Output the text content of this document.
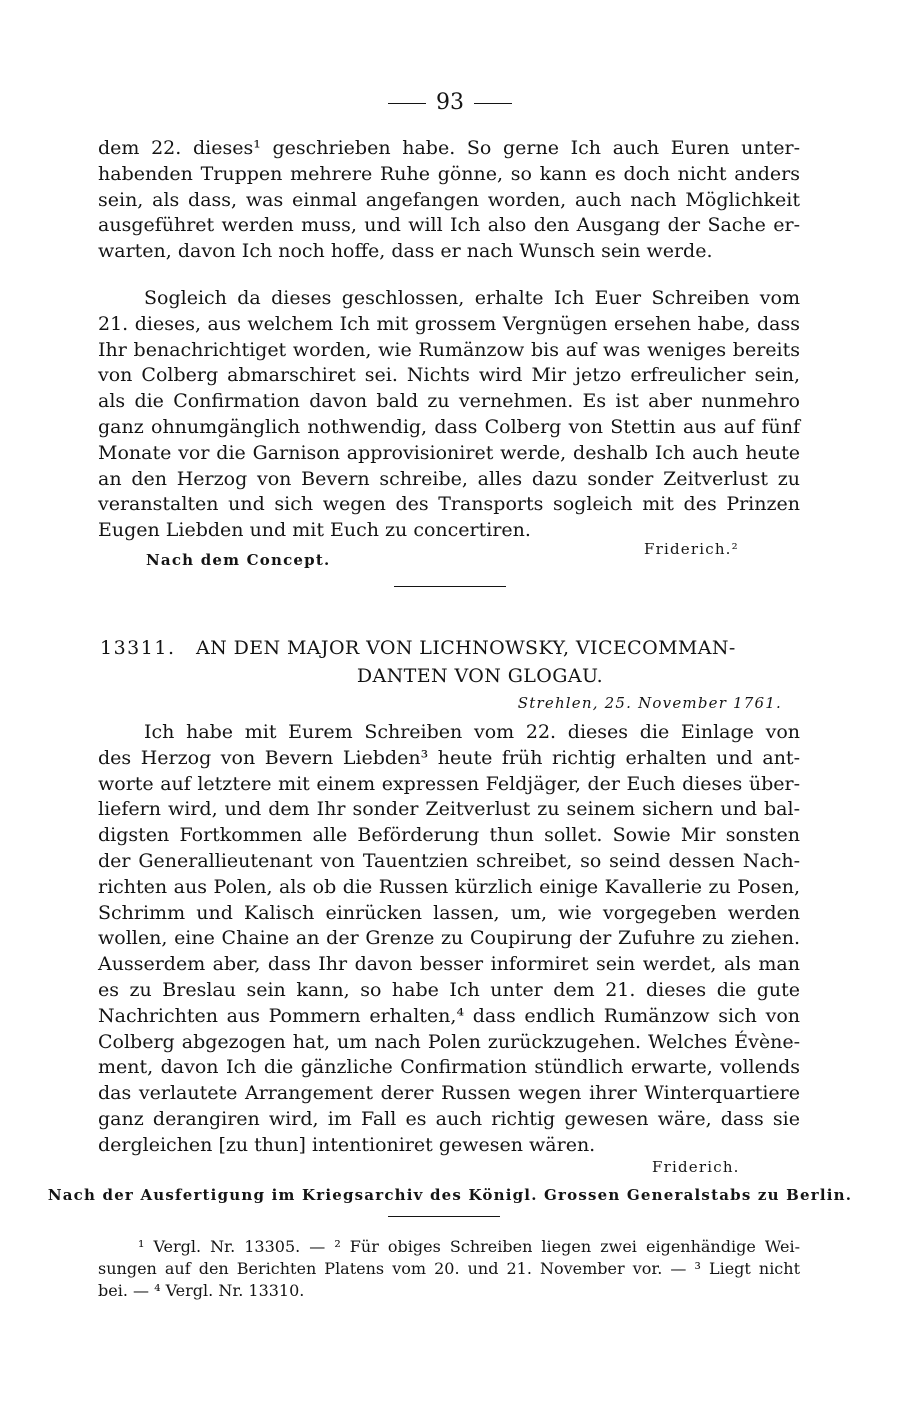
93
dem 22. dieses¹ geschrieben habe. So gerne Ich auch Euren unter-
habenden Truppen mehrere Ruhe gönne, so kann es doch nicht anders
sein, als dass, was einmal angefangen worden, auch nach Möglichkeit
ausgeführet werden muss, und will Ich also den Ausgang der Sache er-
warten, davon Ich noch hoffe, dass er nach Wunsch sein werde.
Sogleich da dieses geschlossen, erhalte Ich Euer Schreiben vom
21. dieses, aus welchem Ich mit grossem Vergnügen ersehen habe, dass
Ihr benachrichtiget worden, wie Rumänzow bis auf was weniges bereits
von Colberg abmarschiret sei. Nichts wird Mir jetzo erfreulicher sein,
als die Confirmation davon bald zu vernehmen. Es ist aber nunmehro
ganz ohnumgänglich nothwendig, dass Colberg von Stettin aus auf fünf
Monate vor die Garnison approvisioniret werde, deshalb Ich auch heute
an den Herzog von Bevern schreibe, alles dazu sonder Zeitverlust zu
veranstalten und sich wegen des Transports sogleich mit des Prinzen
Eugen Liebden und mit Euch zu concertiren.
Nach dem Concept.
Friderich.²
13311. AN DEN MAJOR VON LICHNOWSKY, VICECOMMAN-
DANTEN VON GLOGAU.
Strehlen, 25. November 1761.
Ich habe mit Eurem Schreiben vom 22. dieses die Einlage von
des Herzog von Bevern Liebden³ heute früh richtig erhalten und ant-
worte auf letztere mit einem expressen Feldjäger, der Euch dieses über-
liefern wird, und dem Ihr sonder Zeitverlust zu seinem sichern und bal-
digsten Fortkommen alle Beförderung thun sollet. Sowie Mir sonsten
der Generallieutenant von Tauentzien schreibet, so seind dessen Nach-
richten aus Polen, als ob die Russen kürzlich einige Kavallerie zu Posen,
Schrimm und Kalisch einrücken lassen, um, wie vorgegeben werden
wollen, eine Chaine an der Grenze zu Coupirung der Zufuhre zu ziehen.
Ausserdem aber, dass Ihr davon besser informiret sein werdet, als man
es zu Breslau sein kann, so habe Ich unter dem 21. dieses die gute
Nachrichten aus Pommern erhalten,⁴ dass endlich Rumänzow sich von
Colberg abgezogen hat, um nach Polen zurückzugehen. Welches Évène-
ment, davon Ich die gänzliche Confirmation stündlich erwarte, vollends
das verlautete Arrangement derer Russen wegen ihrer Winterquartiere
ganz derangiren wird, im Fall es auch richtig gewesen wäre, dass sie
dergleichen [zu thun] intentioniret gewesen wären.
Friderich.
Nach der Ausfertigung im Kriegsarchiv des Königl. Grossen Generalstabs zu Berlin.
¹ Vergl. Nr. 13305. — ² Für obiges Schreiben liegen zwei eigenhändige Wei-
sungen auf den Berichten Platens vom 20. und 21. November vor. — ³ Liegt nicht
bei. — ⁴ Vergl. Nr. 13310.
